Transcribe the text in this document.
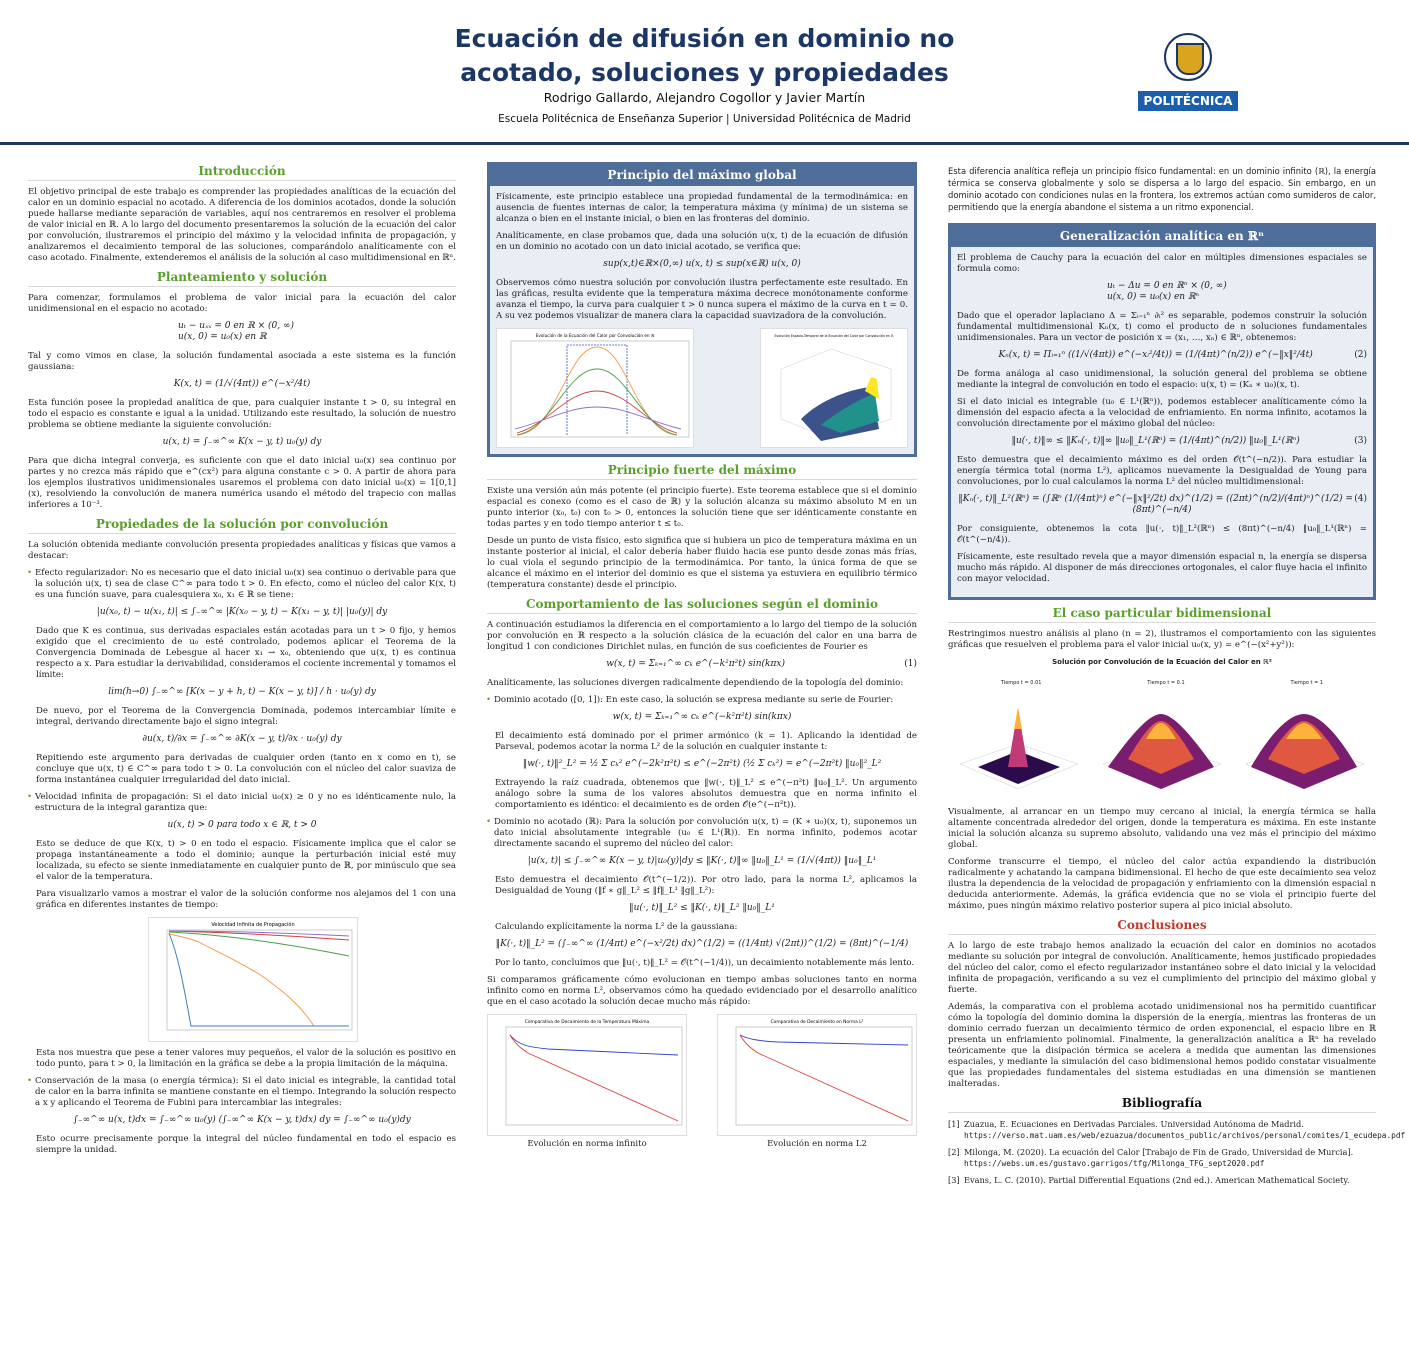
Ecuación de difusión en dominio no
acotado, soluciones y propiedades
Rodrigo Gallardo, Alejandro Cogollor y Javier Martín
Escuela Politécnica de Enseñanza Superior | Universidad Politécnica de Madrid
POLITÉCNICA
Introducción

El objetivo principal de este trabajo es comprender las propiedades analíticas de la ecuación del calor en un dominio espacial no acotado. A diferencia de los dominios acotados, donde la solución puede hallarse mediante separación de variables, aquí nos centraremos en resolver el problema de valor inicial en ℝ. A lo largo del documento presentaremos la solución de la ecuación del calor por convolución, ilustraremos el principio del máximo y la velocidad infinita de propagación, y analizaremos el decaimiento temporal de las soluciones, comparándolo analíticamente con el caso acotado. Finalmente, extenderemos el análisis de la solución al caso multidimensional en ℝⁿ.

Planteamiento y solución

Para comenzar, formulamos el problema de valor inicial para la ecuación del calor unidimensional en el espacio no acotado:

uₜ − uₓₓ = 0 en ℝ × (0, ∞)
u(x, 0) = u₀(x) en ℝ

Tal y como vimos en clase, la solución fundamental asociada a este sistema es la función gaussiana:

K(x, t) = (1/√(4πt)) e^(−x²/4t)

Esta función posee la propiedad analítica de que, para cualquier instante t > 0, su integral en todo el espacio es constante e igual a la unidad. Utilizando este resultado, la solución de nuestro problema se obtiene mediante la siguiente convolución:

u(x, t) = ∫₋∞^∞ K(x − y, t) u₀(y) dy

Para que dicha integral converja, es suficiente con que el dato inicial u₀(x) sea continuo por partes y no crezca más rápido que e^(cx²) para alguna constante c > 0. A partir de ahora para los ejemplos ilustrativos unidimensionales usaremos el problema con dato inicial u₀(x) = 1[0,1](x), resolviendo la convolución de manera numérica usando el método del trapecio con mallas inferiores a 10⁻³.

Propiedades de la solución por convolución

La solución obtenida mediante convolución presenta propiedades analíticas y físicas que vamos a destacar:

• Efecto regularizador: No es necesario que el dato inicial u₀(x) sea continuo o derivable para que la solución u(x, t) sea de clase C^∞ para todo t > 0. En efecto, como el núcleo del calor K(x, t) es una función suave, para cualesquiera x₀, x₁ ∈ ℝ se tiene:
|u(x₀, t) − u(x₁, t)| ≤ ∫₋∞^∞ |K(x₀ − y, t) − K(x₁ − y, t)| |u₀(y)| dy

Dado que K es continua, sus derivadas espaciales están acotadas para un t > 0 fijo, y hemos exigido que el crecimiento de u₀ esté controlado, podemos aplicar el Teorema de la Convergencia Dominada de Lebesgue al hacer x₁ → x₀, obteniendo que u(x, t) es continua respecto a x. Para estudiar la derivabilidad, consideramos el cociente incremental y tomamos el límite:

lim(h→0) ∫₋∞^∞ [K(x − y + h, t) − K(x − y, t)] / h · u₀(y) dy

De nuevo, por el Teorema de la Convergencia Dominada, podemos intercambiar límite e integral, derivando directamente bajo el signo integral:

∂u(x, t)/∂x = ∫₋∞^∞ ∂K(x − y, t)/∂x · u₀(y) dy

Repitiendo este argumento para derivadas de cualquier orden (tanto en x como en t), se concluye que u(x, t) ∈ C^∞ para todo t > 0. La convolución con el núcleo del calor suaviza de forma instantánea cualquier irregularidad del dato inicial.

• Velocidad infinita de propagación: Si el dato inicial u₀(x) ≥ 0 y no es idénticamente nulo, la estructura de la integral garantiza que:
u(x, t) > 0 para todo x ∈ ℝ, t > 0

Esto se deduce de que K(x, t) > 0 en todo el espacio. Físicamente implica que el calor se propaga instantáneamente a todo el dominio; aunque la perturbación inicial esté muy localizada, su efecto se siente inmediatamente en cualquier punto de ℝ, por minúsculo que sea el valor de la temperatura.

Para visualizarlo vamos a mostrar el valor de la solución conforme nos alejamos del 1 con una gráfica en diferentes instantes de tiempo:

Velocidad Infinita de Propagación

Esta nos muestra que pese a tener valores muy pequeños, el valor de la solución es positivo en todo punto, para t > 0, la limitación en la gráfica se debe a la propia limitación de la máquina.

• Conservación de la masa (o energía térmica): Si el dato inicial es integrable, la cantidad total de calor en la barra infinita se mantiene constante en el tiempo. Integrando la solución respecto a x y aplicando el Teorema de Fubini para intercambiar las integrales:
∫₋∞^∞ u(x, t)dx = ∫₋∞^∞ u₀(y) (∫₋∞^∞ K(x − y, t)dx) dy = ∫₋∞^∞ u₀(y)dy

Esto ocurre precisamente porque la integral del núcleo fundamental en todo el espacio es siempre la unidad.

Principio del máximo global

Físicamente, este principio establece una propiedad fundamental de la termodinámica: en ausencia de fuentes internas de calor, la temperatura máxima (y mínima) de un sistema se alcanza o bien en el instante inicial, o bien en las fronteras del dominio.

Analíticamente, en clase probamos que, dada una solución u(x, t) de la ecuación de difusión en un dominio no acotado con un dato inicial acotado, se verifica que:

sup(x,t)∈ℝ×(0,∞) u(x, t) ≤ sup(x∈ℝ) u(x, 0)

Observemos cómo nuestra solución por convolución ilustra perfectamente este resultado. En las gráficas, resulta evidente que la temperatura máxima decrece monótonamente conforme avanza el tiempo, la curva para cualquier t > 0 nunca supera el máximo de la curva en t = 0. A su vez podemos visualizar de manera clara la capacidad suavizadora de la convolución.

Evolución de la Ecuación del Calor por Convolución en ℝ	Evolución Espacio-Temporal de la Ecuación del Calor por Convolución en ℝ
Principio fuerte del máximo

Existe una versión aún más potente (el principio fuerte). Este teorema establece que si el dominio espacial es conexo (como es el caso de ℝ) y la solución alcanza su máximo absoluto M en un punto interior (x₀, t₀) con t₀ > 0, entonces la solución tiene que ser idénticamente constante en todas partes y en todo tiempo anterior t ≤ t₀.

Desde un punto de vista físico, esto significa que si hubiera un pico de temperatura máxima en un instante posterior al inicial, el calor debería haber fluido hacia ese punto desde zonas más frías, lo cual viola el segundo principio de la termodinámica. Por tanto, la única forma de que se alcance el máximo en el interior del dominio es que el sistema ya estuviera en equilibrio térmico (temperatura constante) desde el principio.

Comportamiento de las soluciones según el dominio

A continuación estudiamos la diferencia en el comportamiento a lo largo del tiempo de la solución por convolución en ℝ respecto a la solución clásica de la ecuación del calor en una barra de longitud 1 con condiciones Dirichlet nulas, en función de sus coeficientes de Fourier es

(1)
w(x, t) = Σₖ₌₁^∞ cₖ e^(−k²π²t) sin(kπx)

Analíticamente, las soluciones divergen radicalmente dependiendo de la topología del dominio:

• Dominio acotado ([0, 1]): En este caso, la solución se expresa mediante su serie de Fourier:
w(x, t) = Σₖ₌₁^∞ cₖ e^(−k²π²t) sin(kπx)

El decaimiento está dominado por el primer armónico (k = 1). Aplicando la identidad de Parseval, podemos acotar la norma L² de la solución en cualquier instante t:

‖w(·, t)‖²_L² = ½ Σ cₖ² e^(−2k²π²t) ≤ e^(−2π²t) (½ Σ cₖ²) = e^(−2π²t) ‖u₀‖²_L²

Extrayendo la raíz cuadrada, obtenemos que ‖w(·, t)‖_L² ≤ e^(−π²t) ‖u₀‖_L². Un argumento análogo sobre la suma de los valores absolutos demuestra que en norma infinito el comportamiento es idéntico: el decaimiento es de orden 𝒪(e^(−π²t)).

• Dominio no acotado (ℝ): Para la solución por convolución u(x, t) = (K ∗ u₀)(x, t), suponemos un dato inicial absolutamente integrable (u₀ ∈ L¹(ℝ)). En norma infinito, podemos acotar directamente sacando el supremo del núcleo del calor:
|u(x, t)| ≤ ∫₋∞^∞ K(x − y, t)|u₀(y)|dy ≤ ‖K(·, t)‖∞ ‖u₀‖_L¹ = (1/√(4πt)) ‖u₀‖_L¹

Esto demuestra el decaimiento 𝒪(t^(−1/2)). Por otro lado, para la norma L², aplicamos la Desigualdad de Young (‖f ∗ g‖_L² ≤ ‖f‖_L¹ ‖g‖_L²):

‖u(·, t)‖_L² ≤ ‖K(·, t)‖_L² ‖u₀‖_L¹

Calculando explícitamente la norma L² de la gaussiana:

‖K(·, t)‖_L² = (∫₋∞^∞ (1/4πt) e^(−x²/2t) dx)^(1/2) = ((1/4πt) √(2πt))^(1/2) = (8πt)^(−1/4)

Por lo tanto, concluimos que ‖u(·, t)‖_L² = 𝒪(t^(−1/4)), un decaimiento notablemente más lento.

Si comparamos gráficamente cómo evolucionan en tiempo ambas soluciones tanto en norma infinito como en norma L², observamos cómo ha quedado evidenciado por el desarrollo analítico que en el caso acotado la solución decae mucho más rápido:

Comparativa de Decaimiento de la Temperatura Máxima
Evolución en norma infinito
Comparativa de Decaimiento en Norma L²
Evolución en norma L2
Esta diferencia analítica refleja un principio físico fundamental: en un dominio infinito (ℝ), la energía térmica se conserva globalmente y solo se dispersa a lo largo del espacio. Sin embargo, en un dominio acotado con condiciones nulas en la frontera, los extremos actúan como sumideros de calor, permitiendo que la energía abandone el sistema a un ritmo exponencial.
Generalización analítica en ℝⁿ

El problema de Cauchy para la ecuación del calor en múltiples dimensiones espaciales se formula como:

uₜ − Δu = 0 en ℝⁿ × (0, ∞)
u(x, 0) = u₀(x) en ℝⁿ

Dado que el operador laplaciano Δ = Σᵢ₌₁ⁿ ∂ᵢ² es separable, podemos construir la solución fundamental multidimensional Kₙ(x, t) como el producto de n soluciones fundamentales unidimensionales. Para un vector de posición x = (x₁, …, xₙ) ∈ ℝⁿ, obtenemos:

(2)
Kₙ(x, t) = Πᵢ₌₁ⁿ ((1/√(4πt)) e^(−xᵢ²/4t)) = (1/(4πt)^(n/2)) e^(−‖x‖²/4t)

De forma análoga al caso unidimensional, la solución general del problema se obtiene mediante la integral de convolución en todo el espacio: u(x, t) = (Kₙ ∗ u₀)(x, t).

Si el dato inicial es integrable (u₀ ∈ L¹(ℝⁿ)), podemos establecer analíticamente cómo la dimensión del espacio afecta a la velocidad de enfriamiento. En norma infinito, acotamos la convolución directamente por el máximo global del núcleo:

(3)
‖u(·, t)‖∞ ≤ ‖Kₙ(·, t)‖∞ ‖u₀‖_L¹(ℝⁿ) = (1/(4πt)^(n/2)) ‖u₀‖_L¹(ℝⁿ)

Esto demuestra que el decaimiento máximo es del orden 𝒪(t^(−n/2)). Para estudiar la energía térmica total (norma L²), aplicamos nuevamente la Desigualdad de Young para convoluciones, por lo cual calculamos la norma L² del núcleo multidimensional:

(4)
‖Kₙ(·, t)‖_L²(ℝⁿ) = (∫ℝⁿ (1/(4πt)ⁿ) e^(−‖x‖²/2t) dx)^(1/2) = ((2πt)^(n/2)/(4πt)ⁿ)^(1/2) = (8πt)^(−n/4)

Por consiguiente, obtenemos la cota ‖u(·, t)‖_L²(ℝⁿ) ≤ (8πt)^(−n/4) ‖u₀‖_L¹(ℝⁿ) = 𝒪(t^(−n/4)).

Físicamente, este resultado revela que a mayor dimensión espacial n, la energía se dispersa mucho más rápido. Al disponer de más direcciones ortogonales, el calor fluye hacia el infinito con mayor velocidad.

El caso particular bidimensional

Restringimos nuestro análisis al plano (n = 2), ilustramos el comportamiento con las siguientes gráficas que resuelven el problema para el valor inicial u₀(x, y) = e^(−(x²+y²)):

Solución por Convolución de la Ecuación del Calor en ℝ²
Tiempo t = 0.01	Tiempo t = 0.1	Tiempo t = 1

Visualmente, al arrancar en un tiempo muy cercano al inicial, la energía térmica se halla altamente concentrada alrededor del origen, donde la temperatura es máxima. En este instante inicial la solución alcanza su supremo absoluto, validando una vez más el principio del máximo global.

Conforme transcurre el tiempo, el núcleo del calor actúa expandiendo la distribución radicalmente y achatando la campana bidimensional. El hecho de que este decaimiento sea veloz ilustra la dependencia de la velocidad de propagación y enfriamiento con la dimensión espacial n deducida anteriormente. Además, la gráfica evidencia que no se viola el principio fuerte del máximo, pues ningún máximo relativo posterior supera al pico inicial absoluto.

Conclusiones

A lo largo de este trabajo hemos analizado la ecuación del calor en dominios no acotados mediante su solución por integral de convolución. Analíticamente, hemos justificado propiedades del núcleo del calor, como el efecto regularizador instantáneo sobre el dato inicial y la velocidad infinita de propagación, verificando a su vez el cumplimiento del principio del máximo global y fuerte.

Además, la comparativa con el problema acotado unidimensional nos ha permitido cuantificar cómo la topología del dominio domina la dispersión de la energía, mientras las fronteras de un dominio cerrado fuerzan un decaimiento térmico de orden exponencial, el espacio libre en ℝ presenta un enfriamiento polinomial. Finalmente, la generalización analítica a ℝⁿ ha revelado teóricamente que la disipación térmica se acelera a medida que aumentan las dimensiones espaciales, y mediante la simulación del caso bidimensional hemos podido constatar visualmente que las propiedades fundamentales del sistema estudiadas en una dimensión se mantienen inalteradas.

Bibliografía
[1] Zuazua, E. Ecuaciones en Derivadas Parciales. Universidad Autónoma de Madrid. https://verso.mat.uam.es/web/ezuazua/documentos_public/archivos/personal/comites/1_ecudepa.pdf
[2] Milonga, M. (2020). La ecuación del Calor [Trabajo de Fin de Grado, Universidad de Murcia]. https://webs.um.es/gustavo.garrigos/tfg/Milonga_TFG_sept2020.pdf
[3] Evans, L. C. (2010). Partial Differential Equations (2nd ed.). American Mathematical Society.
